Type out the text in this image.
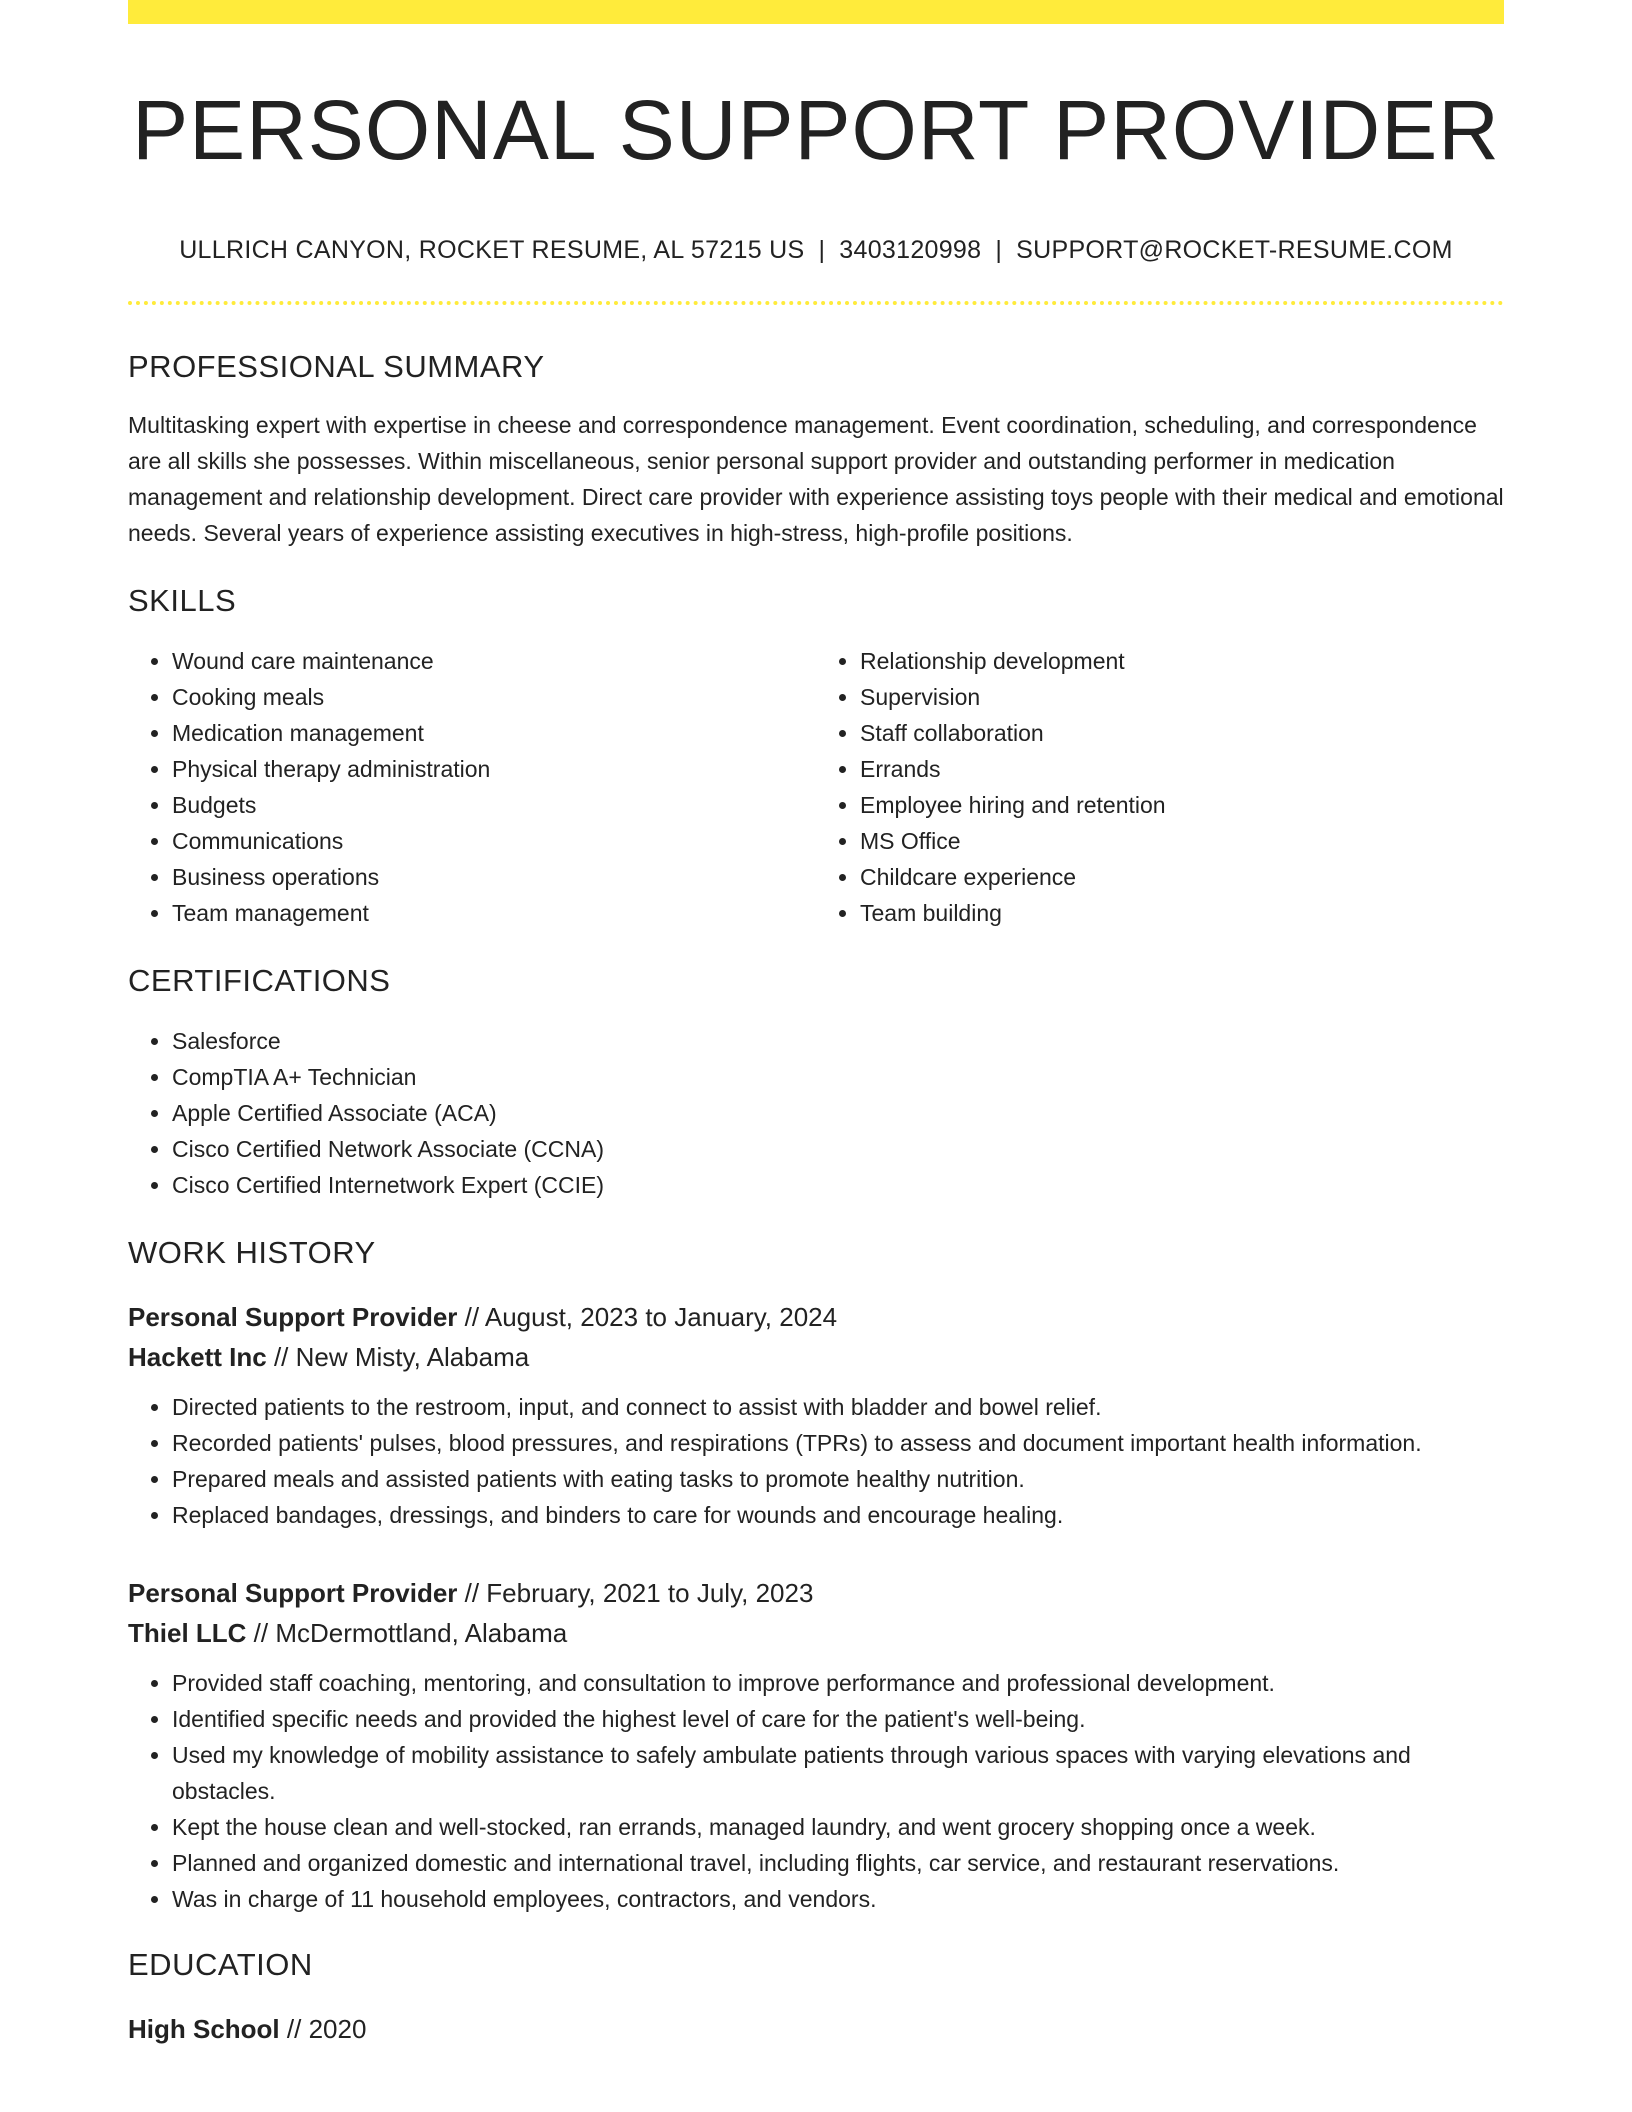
PERSONAL SUPPORT PROVIDER
ULLRICH CANYON, ROCKET RESUME, AL 57215 US | 3403120998 | SUPPORT@ROCKET-RESUME.COM
PROFESSIONAL SUMMARY
Multitasking expert with expertise in cheese and correspondence management. Event coordination, scheduling, and correspondence are all skills she possesses. Within miscellaneous, senior personal support provider and outstanding performer in medication management and relationship development. Direct care provider with experience assisting toys people with their medical and emotional needs. Several years of experience assisting executives in high-stress, high-profile positions.
SKILLS
• Wound care maintenance
• Cooking meals
• Medication management
• Physical therapy administration
• Budgets
• Communications
• Business operations
• Team management
• Relationship development
• Supervision
• Staff collaboration
• Errands
• Employee hiring and retention
• MS Office
• Childcare experience
• Team building
CERTIFICATIONS
• Salesforce
• CompTIA A+ Technician
• Apple Certified Associate (ACA)
• Cisco Certified Network Associate (CCNA)
• Cisco Certified Internetwork Expert (CCIE)
WORK HISTORY
Personal Support Provider // August, 2023 to January, 2024
Hackett Inc // New Misty, Alabama
• Directed patients to the restroom, input, and connect to assist with bladder and bowel relief.
• Recorded patients' pulses, blood pressures, and respirations (TPRs) to assess and document important health information.
• Prepared meals and assisted patients with eating tasks to promote healthy nutrition.
• Replaced bandages, dressings, and binders to care for wounds and encourage healing.
Personal Support Provider // February, 2021 to July, 2023
Thiel LLC // McDermottland, Alabama
• Provided staff coaching, mentoring, and consultation to improve performance and professional development.
• Identified specific needs and provided the highest level of care for the patient's well-being.
• Used my knowledge of mobility assistance to safely ambulate patients through various spaces with varying elevations and obstacles.
• Kept the house clean and well-stocked, ran errands, managed laundry, and went grocery shopping once a week.
• Planned and organized domestic and international travel, including flights, car service, and restaurant reservations.
• Was in charge of 11 household employees, contractors, and vendors.
EDUCATION
High School // 2020
